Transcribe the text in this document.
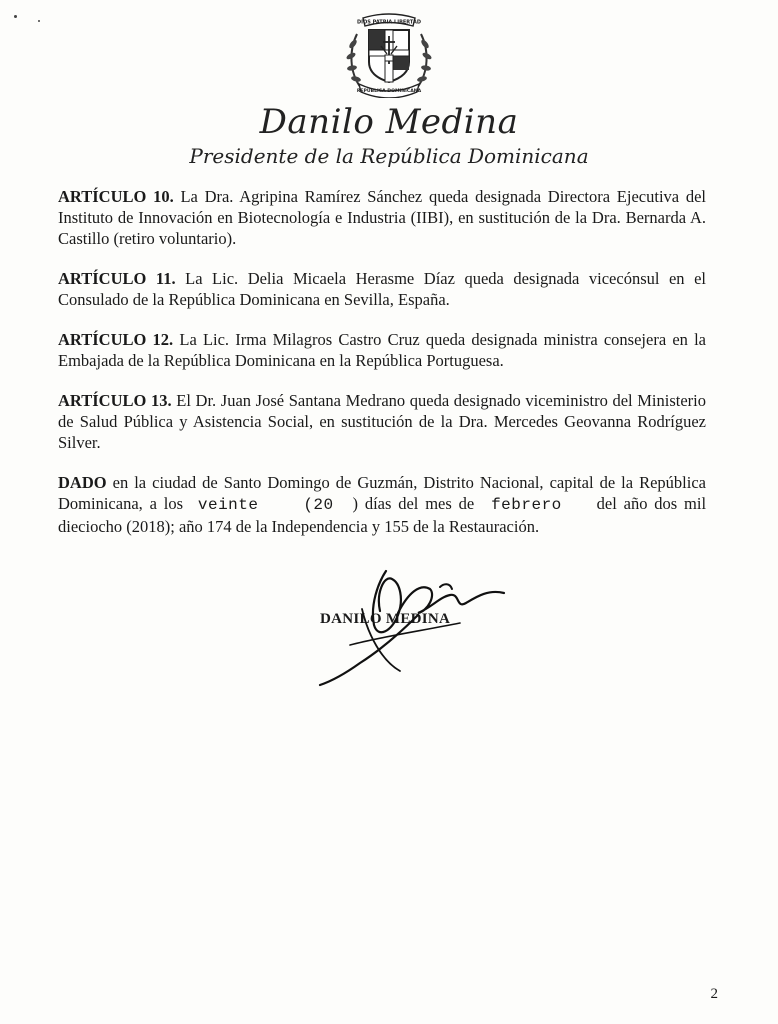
DIOS PATRIA LIBERTAD
REPÚBLICA DOMINICANA
Danilo Medina
Presidente de la República Dominicana

ARTÍCULO 10. La Dra. Agripina Ramírez Sánchez queda designada Directora Ejecutiva del Instituto de Innovación en Biotecnología e Industria (IIBI), en sustitución de la Dra. Bernarda A. Castillo (retiro voluntario).

ARTÍCULO 11. La Lic. Delia Micaela Herasme Díaz queda designada vicecónsul en el Consulado de la República Dominicana en Sevilla, España.

ARTÍCULO 12. La Lic. Irma Milagros Castro Cruz queda designada ministra consejera en la Embajada de la República Dominicana en la República Portuguesa.

ARTÍCULO 13. El Dr. Juan José Santana Medrano queda designado viceministro del Ministerio de Salud Pública y Asistencia Social, en sustitución de la Dra. Mercedes Geovanna Rodríguez Silver.

DADO en la ciudad de Santo Domingo de Guzmán, Distrito Nacional, capital de la República Dominicana, a los veinte	(20 ) días del mes de febrero del año dos mil dieciocho (2018); año 174 de la Independencia y 155 de la Restauración.

DANILO MEDINA
2
